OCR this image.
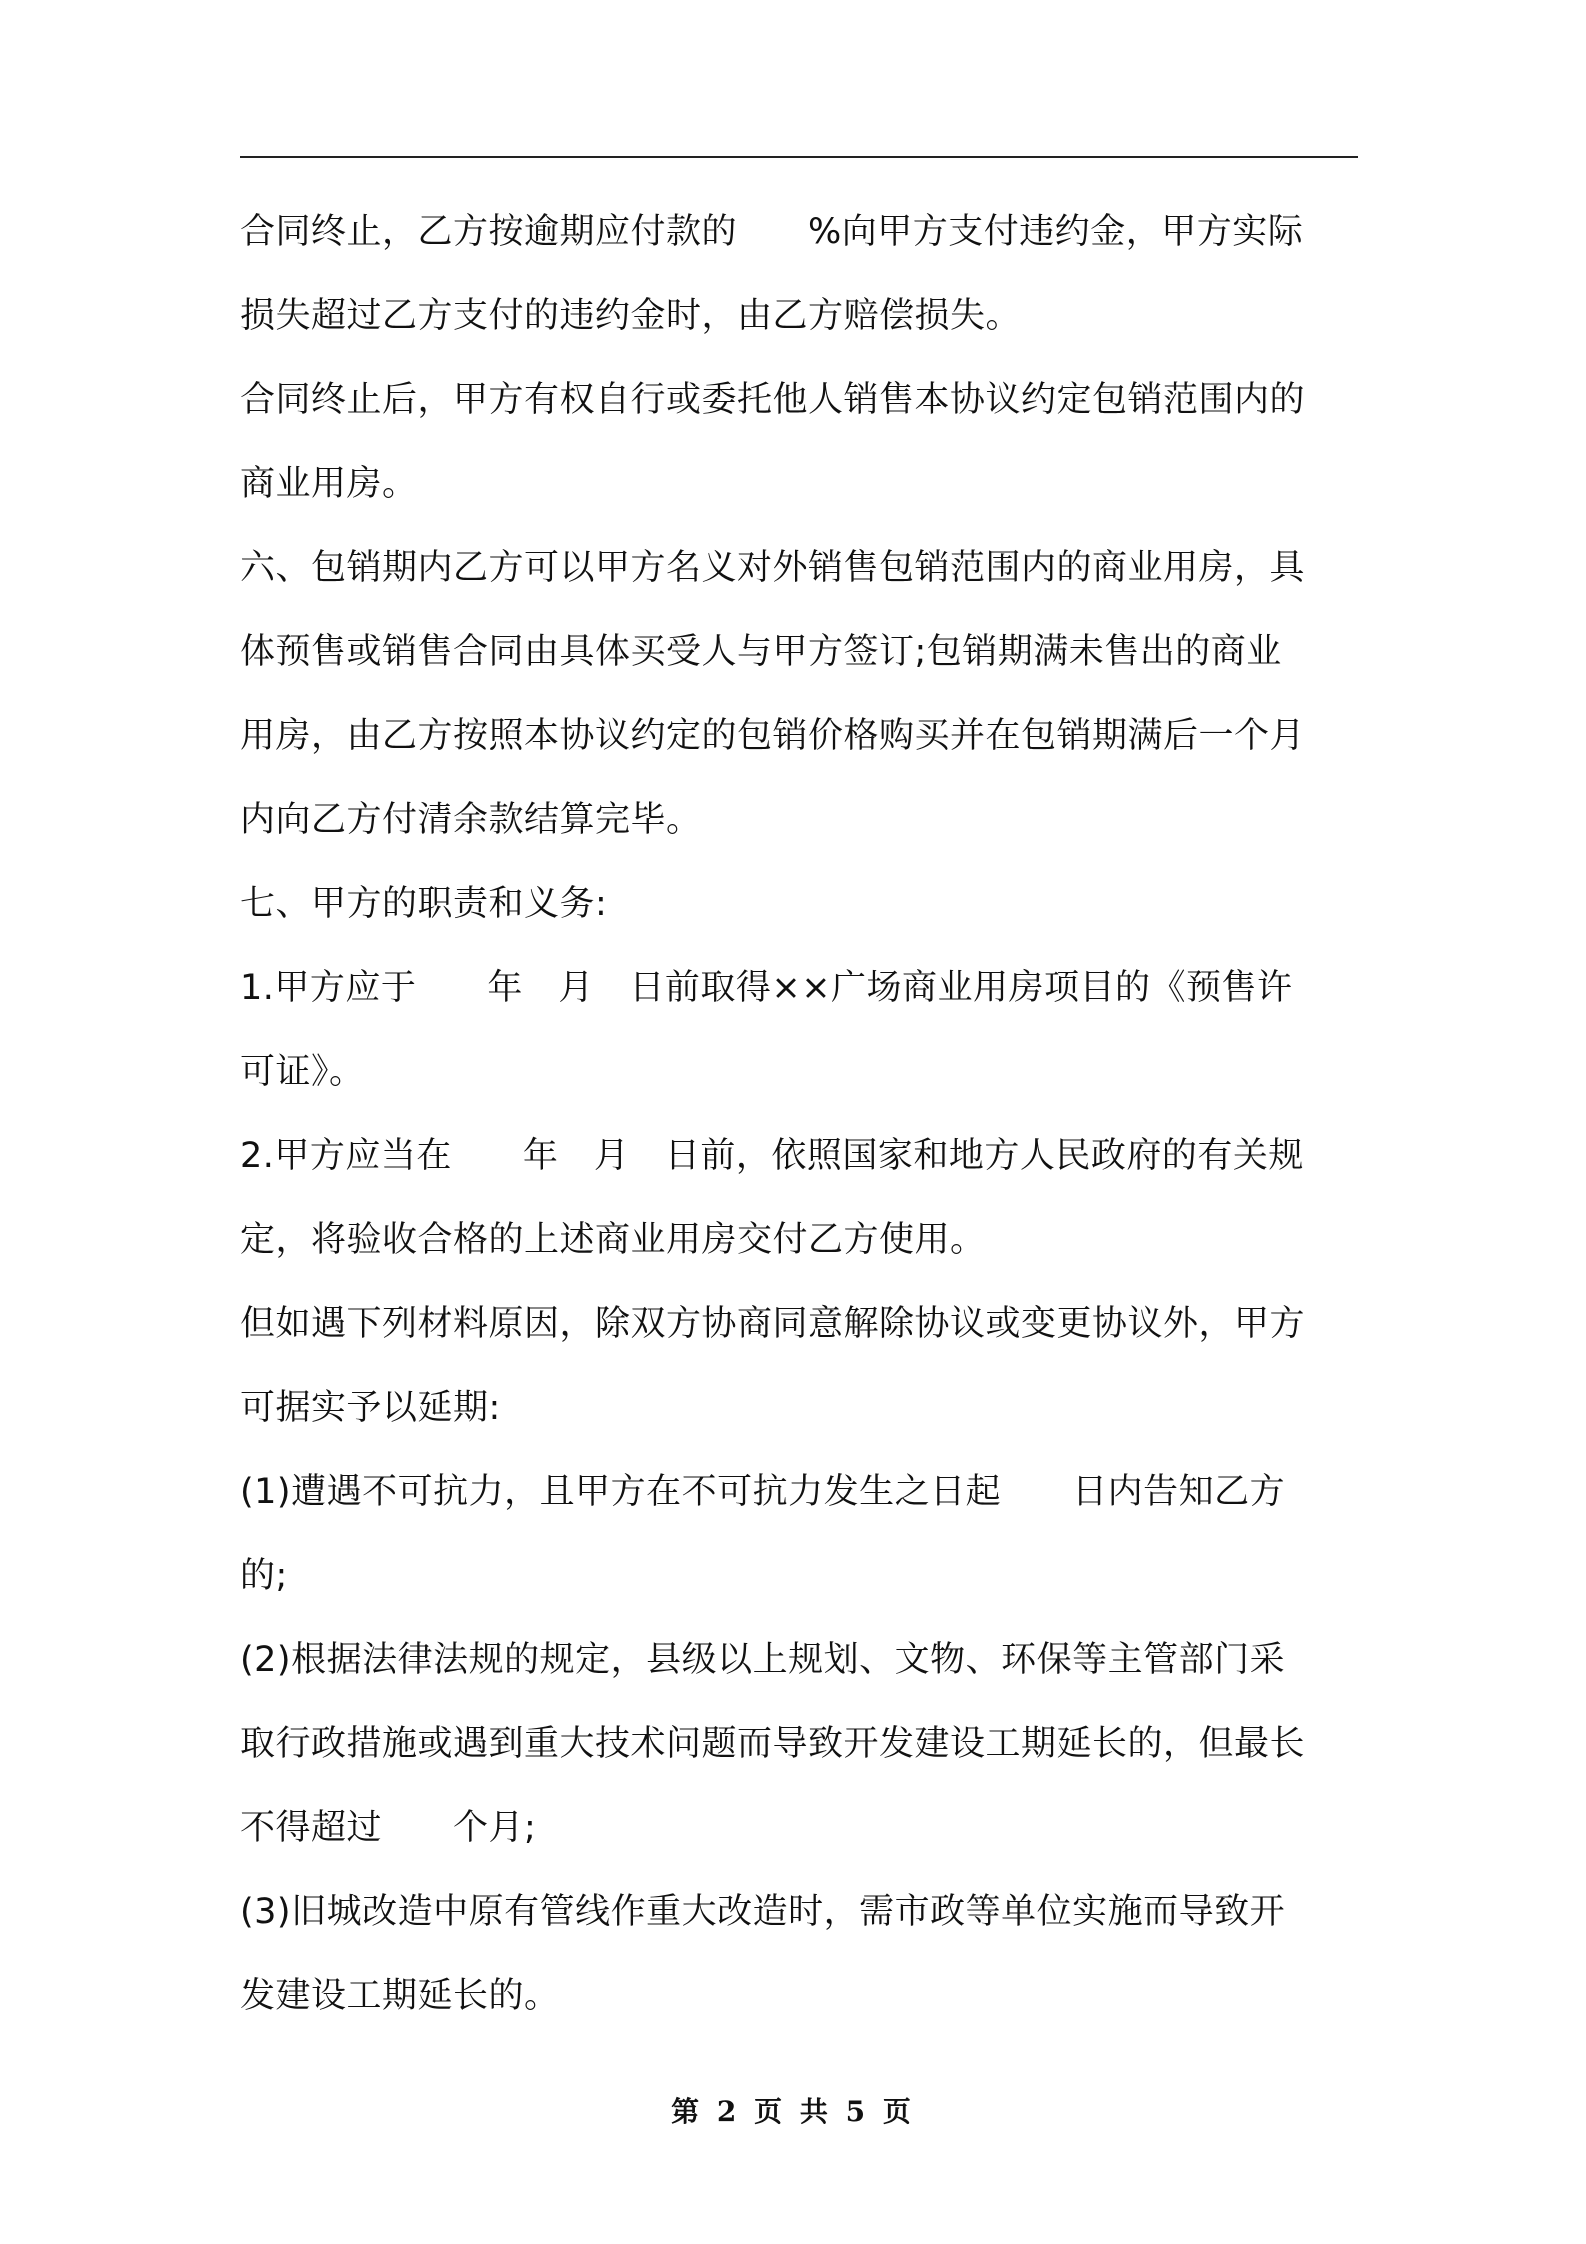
合同终止，乙方按逾期应付款的　　%向甲方支付违约金，甲方实际
损失超过乙方支付的违约金时，由乙方赔偿损失。
合同终止后，甲方有权自行或委托他人销售本协议约定包销范围内的
商业用房。
六、包销期内乙方可以甲方名义对外销售包销范围内的商业用房，具
体预售或销售合同由具体买受人与甲方签订;包销期满未售出的商业
用房，由乙方按照本协议约定的包销价格购买并在包销期满后一个月
内向乙方付清余款结算完毕。
七、甲方的职责和义务:
1.甲方应于　　年　月　日前取得××广场商业用房项目的《预售许
可证》。
2.甲方应当在　　年　月　日前，依照国家和地方人民政府的有关规
定，将验收合格的上述商业用房交付乙方使用。
但如遇下列材料原因，除双方协商同意解除协议或变更协议外，甲方
可据实予以延期:
(1)遭遇不可抗力，且甲方在不可抗力发生之日起　　日内告知乙方
的;
(2)根据法律法规的规定，县级以上规划、文物、环保等主管部门采
取行政措施或遇到重大技术问题而导致开发建设工期延长的，但最长
不得超过　　个月;
(3)旧城改造中原有管线作重大改造时，需市政等单位实施而导致开
发建设工期延长的。
第 2 页 共 5 页
